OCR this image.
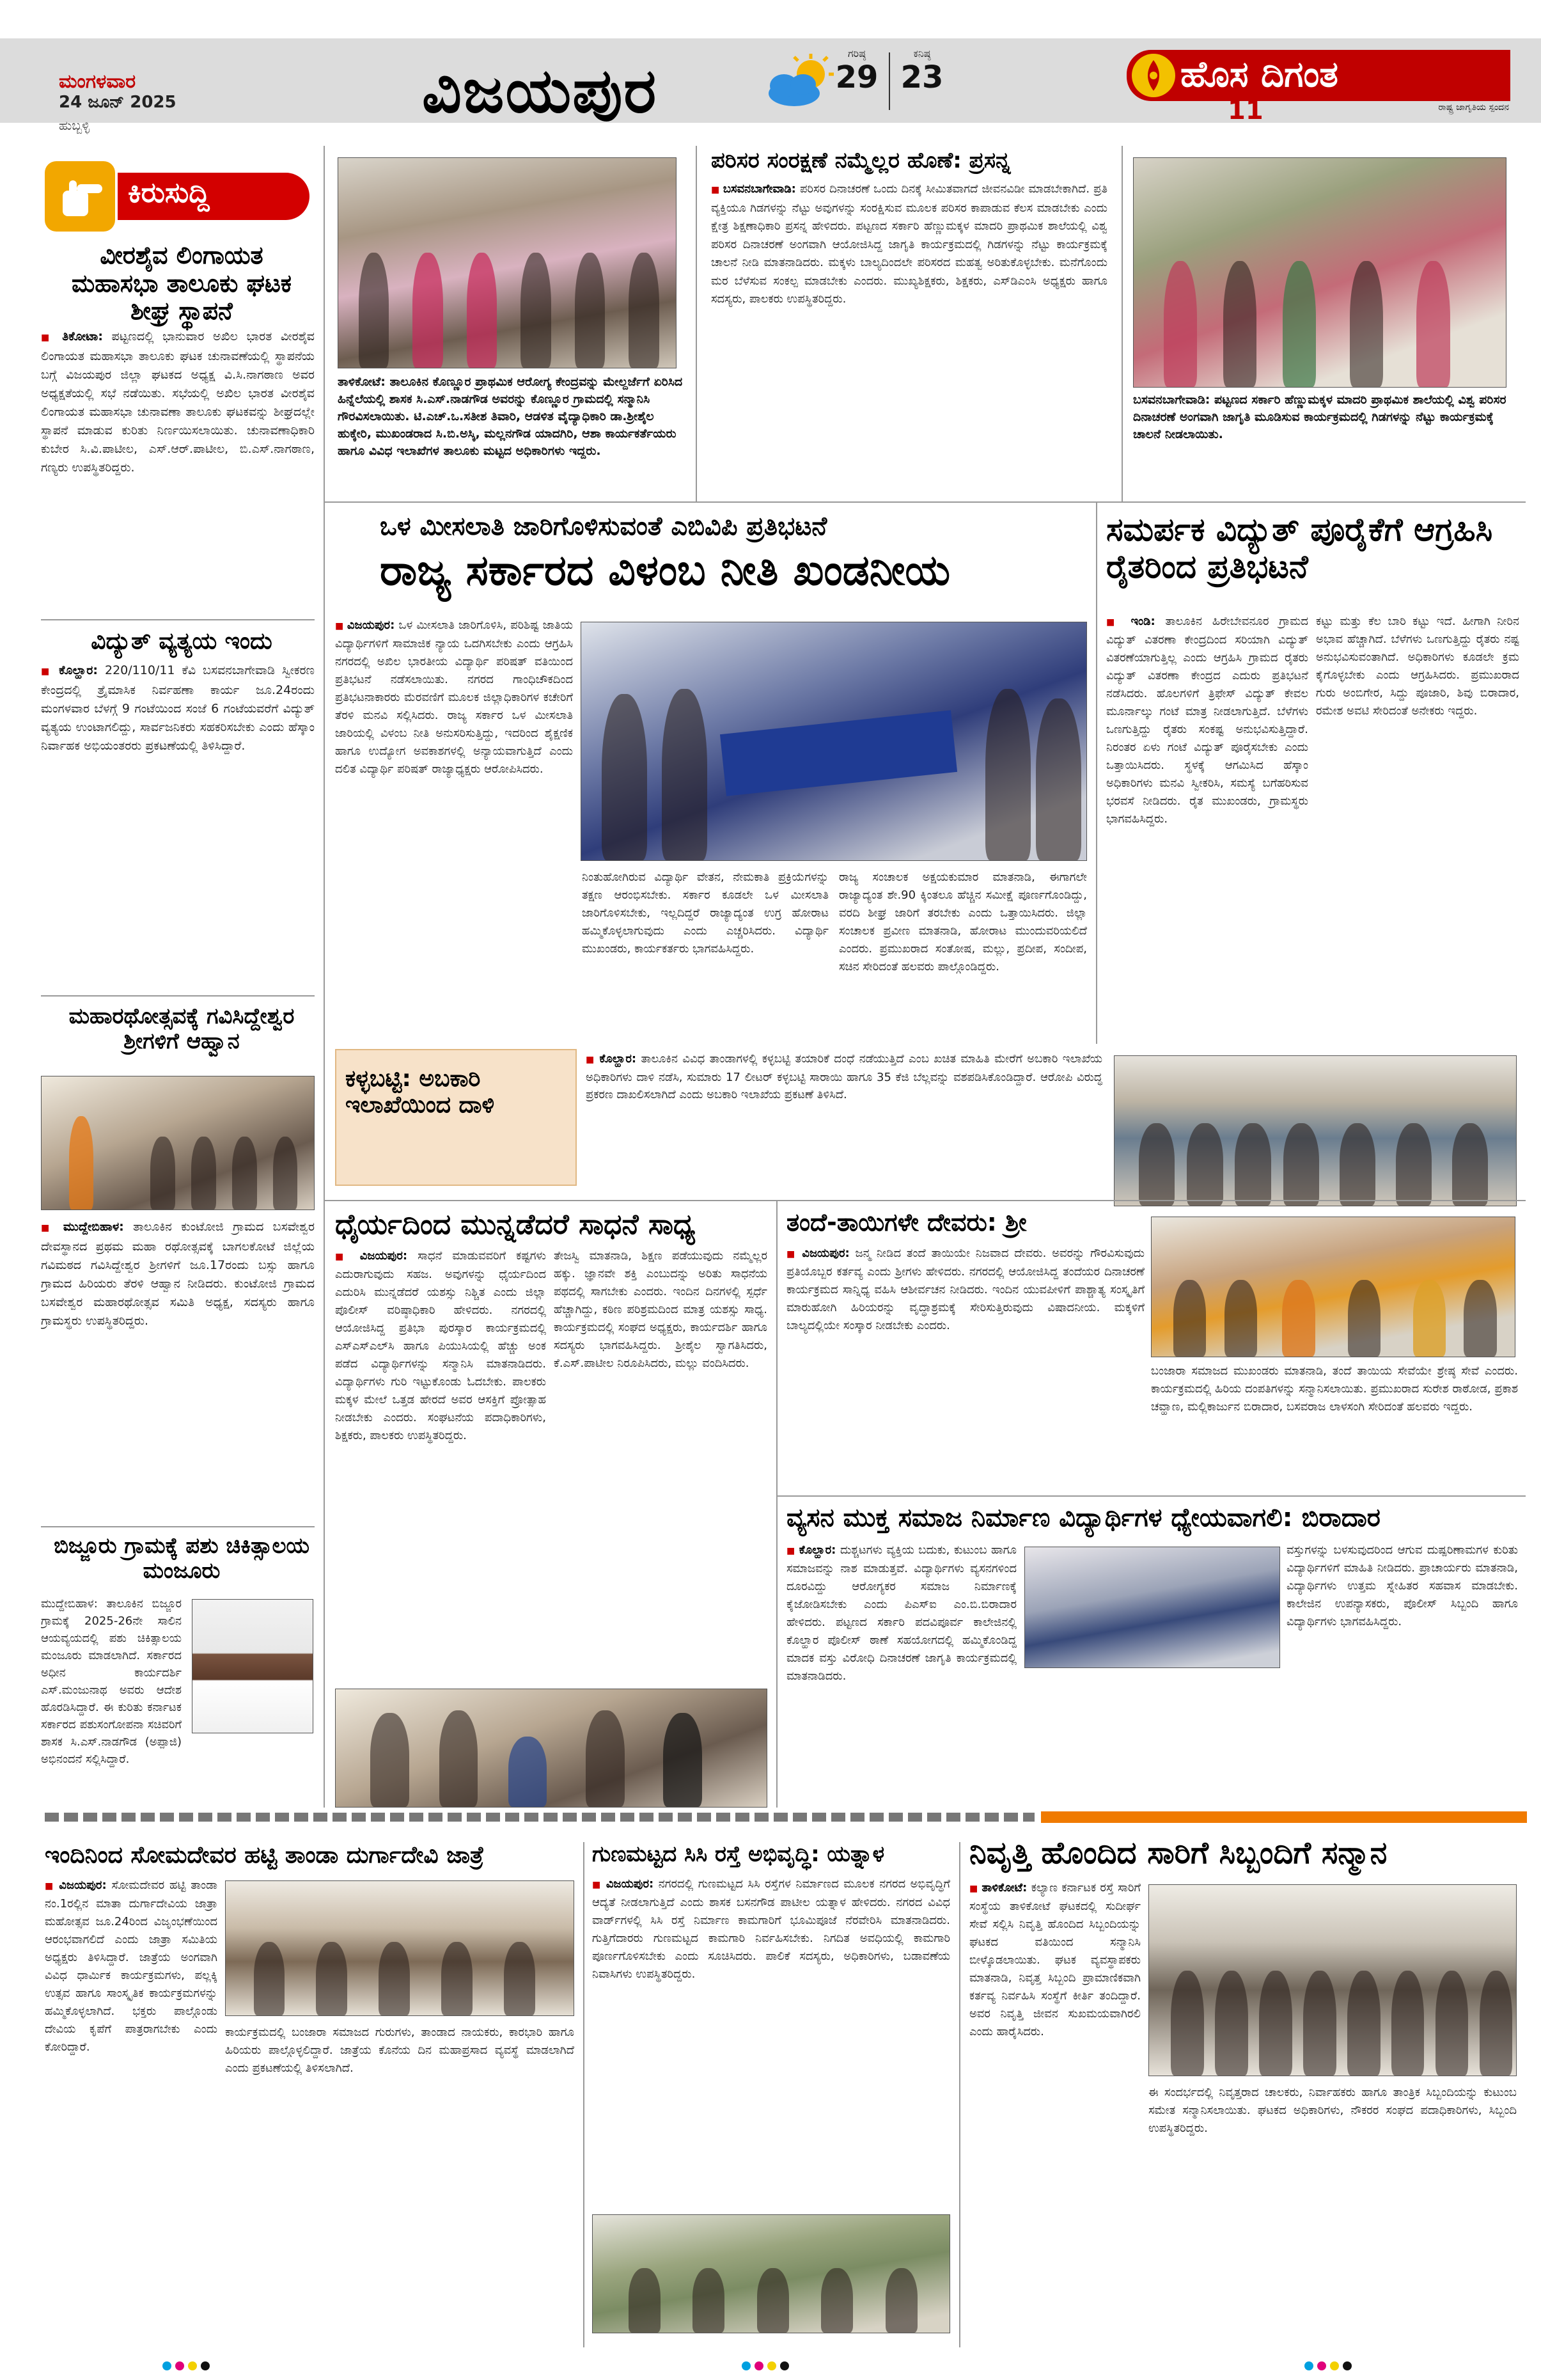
ಮಂಗಳವಾರ
24 ಜೂನ್ 2025
ಹುಬ್ಬಳ್ಳಿ	ವಿಜಯಪುರ
ಗರಿಷ್ಠ
29
ಕನಿಷ್ಠ
23	ಹೊಸ ದಿಗಂತ
ರಾಷ್ಟ್ರ ಜಾಗೃತಿಯ ಸ್ಪಂದನ
11
ಕಿರುಸುದ್ದಿ
ವೀರಶೈವ ಲಿಂಗಾಯತ ಮಹಾಸಭಾ ತಾಲೂಕು ಘಟಕ ಶೀಘ್ರ ಸ್ಥಾಪನೆ
■ ತಿಕೋಟಾ: ಪಟ್ಟಣದಲ್ಲಿ ಭಾನುವಾರ ಅಖಿಲ ಭಾರತ ವೀರಶೈವ ಲಿಂಗಾಯತ ಮಹಾಸಭಾ ತಾಲೂಕು ಘಟಕ ಚುನಾವಣೆಯಲ್ಲಿ ಸ್ಥಾಪನೆಯ ಬಗ್ಗೆ ವಿಜಯಪುರ ಜಿಲ್ಲಾ ಘಟಕದ ಅಧ್ಯಕ್ಷ ವಿ.ಸಿ.ನಾಗಠಾಣ ಅವರ ಅಧ್ಯಕ್ಷತೆಯಲ್ಲಿ ಸಭೆ ನಡೆಯಿತು. ಸಭೆಯಲ್ಲಿ ಅಖಿಲ ಭಾರತ ವೀರಶೈವ ಲಿಂಗಾಯತ ಮಹಾಸಭಾ ಚುನಾವಣಾ ತಾಲೂಕು ಘಟಕವನ್ನು ಶೀಘ್ರದಲ್ಲೇ ಸ್ಥಾಪನೆ ಮಾಡುವ ಕುರಿತು ನಿರ್ಣಯಿಸಲಾಯಿತು. ಚುನಾವಣಾಧಿಕಾರಿ ಕುಬೇರ ಸಿ.ವಿ.ಪಾಟೀಲ, ಎಸ್.ಆರ್.ಪಾಟೀಲ, ಬಿ.ಎಸ್.ನಾಗಠಾಣ, ಗಣ್ಯರು ಉಪಸ್ಥಿತರಿದ್ದರು.
ವಿದ್ಯುತ್ ವ್ಯತ್ಯಯ ಇಂದು
■ ಕೊಲ್ಹಾರ: 220/110/11 ಕೆವಿ ಬಸವನಬಾಗೇವಾಡಿ ಸ್ವೀಕರಣ ಕೇಂದ್ರದಲ್ಲಿ ತ್ರೈಮಾಸಿಕ ನಿರ್ವಹಣಾ ಕಾರ್ಯ ಜೂ.24ರಂದು ಮಂಗಳವಾರ ಬೆಳಗ್ಗೆ 9 ಗಂಟೆಯಿಂದ ಸಂಜೆ 6 ಗಂಟೆಯವರೆಗೆ ವಿದ್ಯುತ್ ವ್ಯತ್ಯಯ ಉಂಟಾಗಲಿದ್ದು, ಸಾರ್ವಜನಿಕರು ಸಹಕರಿಸಬೇಕು ಎಂದು ಹೆಸ್ಕಾಂ ನಿರ್ವಾಹಕ ಅಭಿಯಂತರರು ಪ್ರಕಟಣೆಯಲ್ಲಿ ತಿಳಿಸಿದ್ದಾರೆ.
ಮಹಾರಥೋತ್ಸವಕ್ಕೆ ಗವಿಸಿದ್ದೇಶ್ವರ ಶ್ರೀಗಳಿಗೆ ಆಹ್ವಾನ
■ ಮುದ್ದೇಬಿಹಾಳ: ತಾಲೂಕಿನ ಕುಂಟೋಜಿ ಗ್ರಾಮದ ಬಸವೇಶ್ವರ ದೇವಸ್ಥಾನದ ಪ್ರಥಮ ಮಹಾ ರಥೋತ್ಸವಕ್ಕೆ ಬಾಗಲಕೋಟೆ ಜಿಲ್ಲೆಯ ಗವಿಮಠದ ಗವಿಸಿದ್ದೇಶ್ವರ ಶ್ರೀಗಳಿಗೆ ಜೂ.17ರಂದು ಬಸ್ಸು ಹಾಗೂ ಗ್ರಾಮದ ಹಿರಿಯರು ತೆರಳಿ ಆಹ್ವಾನ ನೀಡಿದರು. ಕುಂಟೋಜಿ ಗ್ರಾಮದ ಬಸವೇಶ್ವರ ಮಹಾರಥೋತ್ಸವ ಸಮಿತಿ ಅಧ್ಯಕ್ಷ, ಸದಸ್ಯರು ಹಾಗೂ ಗ್ರಾಮಸ್ಥರು ಉಪಸ್ಥಿತರಿದ್ದರು.
ಬಿಜ್ಜೂರು ಗ್ರಾಮಕ್ಕೆ ಪಶು ಚಿಕಿತ್ಸಾಲಯ ಮಂಜೂರು
ಮುದ್ದೇಬಿಹಾಳ: ತಾಲೂಕಿನ ಬಿಜ್ಜೂರ ಗ್ರಾಮಕ್ಕೆ 2025-26ನೇ ಸಾಲಿನ ಆಯವ್ಯಯದಲ್ಲಿ ಪಶು ಚಿಕಿತ್ಸಾಲಯ ಮಂಜೂರು ಮಾಡಲಾಗಿದೆ. ಸರ್ಕಾರದ ಅಧೀನ ಕಾರ್ಯದರ್ಶಿ ಎಸ್.ಮಂಜುನಾಥ ಅವರು ಆದೇಶ ಹೊರಡಿಸಿದ್ದಾರೆ. ಈ ಕುರಿತು ಕರ್ನಾಟಕ ಸರ್ಕಾರದ ಪಶುಸಂಗೋಪನಾ ಸಚಿವರಿಗೆ ಶಾಸಕ ಸಿ.ಎಸ್.ನಾಡಗೌಡ (ಅಪ್ಪಾಜಿ) ಅಭಿನಂದನೆ ಸಲ್ಲಿಸಿದ್ದಾರೆ.
ತಾಳಿಕೋಟೆ: ತಾಲೂಕಿನ ಕೊಣ್ಣೂರ ಪ್ರಾಥಮಿಕ ಆರೋಗ್ಯ ಕೇಂದ್ರವನ್ನು ಮೇಲ್ದರ್ಜೆಗೆ ಏರಿಸಿದ ಹಿನ್ನೆಲೆಯಲ್ಲಿ ಶಾಸಕ ಸಿ.ಎಸ್.ನಾಡಗೌಡ ಅವರನ್ನು ಕೊಣ್ಣೂರ ಗ್ರಾಮದಲ್ಲಿ ಸನ್ಮಾನಿಸಿ ಗೌರವಿಸಲಾಯಿತು. ಟಿ.ಎಚ್.ಒ.ಸತೀಶ ತಿವಾರಿ, ಆಡಳಿತ ವೈದ್ಯಾಧಿಕಾರಿ ಡಾ.ಶ್ರೀಶೈಲ ಹುಕ್ಕೇರಿ, ಮುಖಂಡರಾದ ಸಿ.ಬಿ.ಅಸ್ಕಿ, ಮಲ್ಲನಗೌಡ ಯಾದಗಿರಿ, ಆಶಾ ಕಾರ್ಯಕರ್ತೆಯರು ಹಾಗೂ ವಿವಿಧ ಇಲಾಖೆಗಳ ತಾಲೂಕು ಮಟ್ಟದ ಅಧಿಕಾರಿಗಳು ಇದ್ದರು.
ಪರಿಸರ ಸಂರಕ್ಷಣೆ ನಮ್ಮೆಲ್ಲರ ಹೊಣೆ: ಪ್ರಸನ್ನ
■ ಬಸವನಬಾಗೇವಾಡಿ: ಪರಿಸರ ದಿನಾಚರಣೆ ಒಂದು ದಿನಕ್ಕೆ ಸೀಮಿತವಾಗದೆ ಜೀವನವಿಡೀ ಮಾಡಬೇಕಾಗಿದೆ. ಪ್ರತಿ ವ್ಯಕ್ತಿಯೂ ಗಿಡಗಳನ್ನು ನೆಟ್ಟು ಅವುಗಳನ್ನು ಸಂರಕ್ಷಿಸುವ ಮೂಲಕ ಪರಿಸರ ಕಾಪಾಡುವ ಕೆಲಸ ಮಾಡಬೇಕು ಎಂದು ಕ್ಷೇತ್ರ ಶಿಕ್ಷಣಾಧಿಕಾರಿ ಪ್ರಸನ್ನ ಹೇಳಿದರು. ಪಟ್ಟಣದ ಸರ್ಕಾರಿ ಹೆಣ್ಣುಮಕ್ಕಳ ಮಾದರಿ ಪ್ರಾಥಮಿಕ ಶಾಲೆಯಲ್ಲಿ ವಿಶ್ವ ಪರಿಸರ ದಿನಾಚರಣೆ ಅಂಗವಾಗಿ ಆಯೋಜಿಸಿದ್ದ ಜಾಗೃತಿ ಕಾರ್ಯಕ್ರಮದಲ್ಲಿ ಗಿಡಗಳನ್ನು ನೆಟ್ಟು ಕಾರ್ಯಕ್ರಮಕ್ಕೆ ಚಾಲನೆ ನೀಡಿ ಮಾತನಾಡಿದರು. ಮಕ್ಕಳು ಬಾಲ್ಯದಿಂದಲೇ ಪರಿಸರದ ಮಹತ್ವ ಅರಿತುಕೊಳ್ಳಬೇಕು. ಮನೆಗೊಂದು ಮರ ಬೆಳೆಸುವ ಸಂಕಲ್ಪ ಮಾಡಬೇಕು ಎಂದರು. ಮುಖ್ಯಶಿಕ್ಷಕರು, ಶಿಕ್ಷಕರು, ಎಸ್‌ಡಿಎಂಸಿ ಅಧ್ಯಕ್ಷರು ಹಾಗೂ ಸದಸ್ಯರು, ಪಾಲಕರು ಉಪಸ್ಥಿತರಿದ್ದರು.
ಬಸವನಬಾಗೇವಾಡಿ: ಪಟ್ಟಣದ ಸರ್ಕಾರಿ ಹೆಣ್ಣುಮಕ್ಕಳ ಮಾದರಿ ಪ್ರಾಥಮಿಕ ಶಾಲೆಯಲ್ಲಿ ವಿಶ್ವ ಪರಿಸರ ದಿನಾಚರಣೆ ಅಂಗವಾಗಿ ಜಾಗೃತಿ ಮೂಡಿಸುವ ಕಾರ್ಯಕ್ರಮದಲ್ಲಿ ಗಿಡಗಳನ್ನು ನೆಟ್ಟು ಕಾರ್ಯಕ್ರಮಕ್ಕೆ ಚಾಲನೆ ನೀಡಲಾಯಿತು.
ಒಳ ಮೀಸಲಾತಿ ಜಾರಿಗೊಳಿಸುವಂತೆ ಎಬಿವಿಪಿ ಪ್ರತಿಭಟನೆ
ರಾಜ್ಯ ಸರ್ಕಾರದ ವಿಳಂಬ ನೀತಿ ಖಂಡನೀಯ
■ ವಿಜಯಪುರ: ಒಳ ಮೀಸಲಾತಿ ಜಾರಿಗೊಳಿಸಿ, ಪರಿಶಿಷ್ಟ ಜಾತಿಯ ವಿದ್ಯಾರ್ಥಿಗಳಿಗೆ ಸಾಮಾಜಿಕ ನ್ಯಾಯ ಒದಗಿಸಬೇಕು ಎಂದು ಆಗ್ರಹಿಸಿ ನಗರದಲ್ಲಿ ಅಖಿಲ ಭಾರತೀಯ ವಿದ್ಯಾರ್ಥಿ ಪರಿಷತ್ ವತಿಯಿಂದ ಪ್ರತಿಭಟನೆ ನಡೆಸಲಾಯಿತು. ನಗರದ ಗಾಂಧಿಚೌಕದಿಂದ ಪ್ರತಿಭಟನಾಕಾರರು ಮೆರವಣಿಗೆ ಮೂಲಕ ಜಿಲ್ಲಾಧಿಕಾರಿಗಳ ಕಚೇರಿಗೆ ತೆರಳಿ ಮನವಿ ಸಲ್ಲಿಸಿದರು. ರಾಜ್ಯ ಸರ್ಕಾರ ಒಳ ಮೀಸಲಾತಿ ಜಾರಿಯಲ್ಲಿ ವಿಳಂಬ ನೀತಿ ಅನುಸರಿಸುತ್ತಿದ್ದು, ಇದರಿಂದ ಶೈಕ್ಷಣಿಕ ಹಾಗೂ ಉದ್ಯೋಗ ಅವಕಾಶಗಳಲ್ಲಿ ಅನ್ಯಾಯವಾಗುತ್ತಿದೆ ಎಂದು ದಲಿತ ವಿದ್ಯಾರ್ಥಿ ಪರಿಷತ್ ರಾಜ್ಯಾಧ್ಯಕ್ಷರು ಆರೋಪಿಸಿದರು.
ನಿಂತುಹೋಗಿರುವ ವಿದ್ಯಾರ್ಥಿ ವೇತನ, ನೇಮಕಾತಿ ಪ್ರಕ್ರಿಯೆಗಳನ್ನು ತಕ್ಷಣ ಆರಂಭಿಸಬೇಕು. ಸರ್ಕಾರ ಕೂಡಲೇ ಒಳ ಮೀಸಲಾತಿ ಜಾರಿಗೊಳಿಸಬೇಕು, ಇಲ್ಲದಿದ್ದರೆ ರಾಜ್ಯಾದ್ಯಂತ ಉಗ್ರ ಹೋರಾಟ ಹಮ್ಮಿಕೊಳ್ಳಲಾಗುವುದು ಎಂದು ಎಚ್ಚರಿಸಿದರು. ವಿದ್ಯಾರ್ಥಿ ಮುಖಂಡರು, ಕಾರ್ಯಕರ್ತರು ಭಾಗವಹಿಸಿದ್ದರು.
ರಾಜ್ಯ ಸಂಚಾಲಕ ಅಕ್ಷಯಕುಮಾರ ಮಾತನಾಡಿ, ಈಗಾಗಲೇ ರಾಜ್ಯಾದ್ಯಂತ ಶೇ.90 ಕ್ಕಿಂತಲೂ ಹೆಚ್ಚಿನ ಸಮೀಕ್ಷೆ ಪೂರ್ಣಗೊಂಡಿದ್ದು, ವರದಿ ಶೀಘ್ರ ಜಾರಿಗೆ ತರಬೇಕು ಎಂದು ಒತ್ತಾಯಿಸಿದರು. ಜಿಲ್ಲಾ ಸಂಚಾಲಕ ಪ್ರವೀಣ ಮಾತನಾಡಿ, ಹೋರಾಟ ಮುಂದುವರಿಯಲಿದೆ ಎಂದರು. ಪ್ರಮುಖರಾದ ಸಂತೋಷ, ಮಲ್ಲು, ಪ್ರದೀಪ, ಸಂದೀಪ, ಸಚಿನ ಸೇರಿದಂತೆ ಹಲವರು ಪಾಲ್ಗೊಂಡಿದ್ದರು.
ಸಮರ್ಪಕ ವಿದ್ಯುತ್ ಪೂರೈಕೆಗೆ ಆಗ್ರಹಿಸಿ ರೈತರಿಂದ ಪ್ರತಿಭಟನೆ
■ ಇಂಡಿ: ತಾಲೂಕಿನ ಹಿರೇಬೇವನೂರ ಗ್ರಾಮದ ವಿದ್ಯುತ್ ವಿತರಣಾ ಕೇಂದ್ರದಿಂದ ಸರಿಯಾಗಿ ವಿದ್ಯುತ್ ವಿತರಣೆಯಾಗುತ್ತಿಲ್ಲ ಎಂದು ಆಗ್ರಹಿಸಿ ಗ್ರಾಮದ ರೈತರು ವಿದ್ಯುತ್ ವಿತರಣಾ ಕೇಂದ್ರದ ಎದುರು ಪ್ರತಿಭಟನೆ ನಡೆಸಿದರು. ಹೊಲಗಳಿಗೆ ತ್ರಿಫೇಸ್ ವಿದ್ಯುತ್ ಕೇವಲ ಮೂರ್ನಾಲ್ಕು ಗಂಟೆ ಮಾತ್ರ ನೀಡಲಾಗುತ್ತಿದೆ. ಬೆಳೆಗಳು ಒಣಗುತ್ತಿದ್ದು ರೈತರು ಸಂಕಷ್ಟ ಅನುಭವಿಸುತ್ತಿದ್ದಾರೆ. ನಿರಂತರ ಏಳು ಗಂಟೆ ವಿದ್ಯುತ್ ಪೂರೈಸಬೇಕು ಎಂದು ಒತ್ತಾಯಿಸಿದರು. ಸ್ಥಳಕ್ಕೆ ಆಗಮಿಸಿದ ಹೆಸ್ಕಾಂ ಅಧಿಕಾರಿಗಳು ಮನವಿ ಸ್ವೀಕರಿಸಿ, ಸಮಸ್ಯೆ ಬಗೆಹರಿಸುವ ಭರವಸೆ ನೀಡಿದರು. ರೈತ ಮುಖಂಡರು, ಗ್ರಾಮಸ್ಥರು ಭಾಗವಹಿಸಿದ್ದರು.
ಕಟ್ಟು ಮತ್ತು ಕೆಲ ಬಾರಿ ಕಟ್ಟು ಇದೆ. ಹೀಗಾಗಿ ನೀರಿನ ಅಭಾವ ಹೆಚ್ಚಾಗಿದೆ. ಬೆಳೆಗಳು ಒಣಗುತ್ತಿದ್ದು ರೈತರು ನಷ್ಟ ಅನುಭವಿಸುವಂತಾಗಿದೆ. ಅಧಿಕಾರಿಗಳು ಕೂಡಲೇ ಕ್ರಮ ಕೈಗೊಳ್ಳಬೇಕು ಎಂದು ಆಗ್ರಹಿಸಿದರು. ಪ್ರಮುಖರಾದ ಗುರು ಅಂಬಿಗೇರ, ಸಿದ್ದು ಪೂಜಾರಿ, ಶಿವು ಬಿರಾದಾರ, ರಮೇಶ ಅವಟಿ ಸೇರಿದಂತೆ ಅನೇಕರು ಇದ್ದರು.
ಕಳ್ಳಬಟ್ಟಿ: ಅಬಕಾರಿ ಇಲಾಖೆಯಿಂದ ದಾಳಿ
■ ಕೊಲ್ಹಾರ: ತಾಲೂಕಿನ ವಿವಿಧ ತಾಂಡಾಗಳಲ್ಲಿ ಕಳ್ಳಬಟ್ಟಿ ತಯಾರಿಕೆ ದಂಧೆ ನಡೆಯುತ್ತಿದೆ ಎಂಬ ಖಚಿತ ಮಾಹಿತಿ ಮೇರೆಗೆ ಅಬಕಾರಿ ಇಲಾಖೆಯ ಅಧಿಕಾರಿಗಳು ದಾಳಿ ನಡೆಸಿ, ಸುಮಾರು 17 ಲೀಟರ್ ಕಳ್ಳಬಟ್ಟಿ ಸಾರಾಯಿ ಹಾಗೂ 35 ಕೆಜಿ ಬೆಲ್ಲವನ್ನು ವಶಪಡಿಸಿಕೊಂಡಿದ್ದಾರೆ. ಆರೋಪಿ ವಿರುದ್ಧ ಪ್ರಕರಣ ದಾಖಲಿಸಲಾಗಿದೆ ಎಂದು ಅಬಕಾರಿ ಇಲಾಖೆಯ ಪ್ರಕಟಣೆ ತಿಳಿಸಿದೆ.
ಧೈರ್ಯದಿಂದ ಮುನ್ನಡೆದರೆ ಸಾಧನೆ ಸಾಧ್ಯ
■ ವಿಜಯಪುರ: ಸಾಧನೆ ಮಾಡುವವರಿಗೆ ಕಷ್ಟಗಳು ಎದುರಾಗುವುದು ಸಹಜ. ಅವುಗಳನ್ನು ಧೈರ್ಯದಿಂದ ಎದುರಿಸಿ ಮುನ್ನಡೆದರೆ ಯಶಸ್ಸು ನಿಶ್ಚಿತ ಎಂದು ಜಿಲ್ಲಾ ಪೊಲೀಸ್ ವರಿಷ್ಠಾಧಿಕಾರಿ ಹೇಳಿದರು. ನಗರದಲ್ಲಿ ಆಯೋಜಿಸಿದ್ದ ಪ್ರತಿಭಾ ಪುರಸ್ಕಾರ ಕಾರ್ಯಕ್ರಮದಲ್ಲಿ ಎಸ್‌ಎಸ್‌ಎಲ್‌ಸಿ ಹಾಗೂ ಪಿಯುಸಿಯಲ್ಲಿ ಹೆಚ್ಚು ಅಂಕ ಪಡೆದ ವಿದ್ಯಾರ್ಥಿಗಳನ್ನು ಸನ್ಮಾನಿಸಿ ಮಾತನಾಡಿದರು. ವಿದ್ಯಾರ್ಥಿಗಳು ಗುರಿ ಇಟ್ಟುಕೊಂಡು ಓದಬೇಕು. ಪಾಲಕರು ಮಕ್ಕಳ ಮೇಲೆ ಒತ್ತಡ ಹೇರದೆ ಅವರ ಆಸಕ್ತಿಗೆ ಪ್ರೋತ್ಸಾಹ ನೀಡಬೇಕು ಎಂದರು. ಸಂಘಟನೆಯ ಪದಾಧಿಕಾರಿಗಳು, ಶಿಕ್ಷಕರು, ಪಾಲಕರು ಉಪಸ್ಥಿತರಿದ್ದರು.
ತೇಜಸ್ವಿ ಮಾತನಾಡಿ, ಶಿಕ್ಷಣ ಪಡೆಯುವುದು ನಮ್ಮೆಲ್ಲರ ಹಕ್ಕು. ಜ್ಞಾನವೇ ಶಕ್ತಿ ಎಂಬುದನ್ನು ಅರಿತು ಸಾಧನೆಯ ಪಥದಲ್ಲಿ ಸಾಗಬೇಕು ಎಂದರು. ಇಂದಿನ ದಿನಗಳಲ್ಲಿ ಸ್ಪರ್ಧೆ ಹೆಚ್ಚಾಗಿದ್ದು, ಕಠಿಣ ಪರಿಶ್ರಮದಿಂದ ಮಾತ್ರ ಯಶಸ್ಸು ಸಾಧ್ಯ. ಕಾರ್ಯಕ್ರಮದಲ್ಲಿ ಸಂಘದ ಅಧ್ಯಕ್ಷರು, ಕಾರ್ಯದರ್ಶಿ ಹಾಗೂ ಸದಸ್ಯರು ಭಾಗವಹಿಸಿದ್ದರು. ಶ್ರೀಶೈಲ ಸ್ವಾಗತಿಸಿದರು, ಕೆ.ಎಸ್.ಪಾಟೀಲ ನಿರೂಪಿಸಿದರು, ಮಲ್ಲು ವಂದಿಸಿದರು.
ತಂದೆ-ತಾಯಿಗಳೇ ದೇವರು: ಶ್ರೀ
■ ವಿಜಯಪುರ: ಜನ್ಮ ನೀಡಿದ ತಂದೆ ತಾಯಿಯೇ ನಿಜವಾದ ದೇವರು. ಅವರನ್ನು ಗೌರವಿಸುವುದು ಪ್ರತಿಯೊಬ್ಬರ ಕರ್ತವ್ಯ ಎಂದು ಶ್ರೀಗಳು ಹೇಳಿದರು. ನಗರದಲ್ಲಿ ಆಯೋಜಿಸಿದ್ದ ತಂದೆಯರ ದಿನಾಚರಣೆ ಕಾರ್ಯಕ್ರಮದ ಸಾನ್ನಿಧ್ಯ ವಹಿಸಿ ಆಶೀರ್ವಚನ ನೀಡಿದರು. ಇಂದಿನ ಯುವಪೀಳಿಗೆ ಪಾಶ್ಚಾತ್ಯ ಸಂಸ್ಕೃತಿಗೆ ಮಾರುಹೋಗಿ ಹಿರಿಯರನ್ನು ವೃದ್ಧಾಶ್ರಮಕ್ಕೆ ಸೇರಿಸುತ್ತಿರುವುದು ವಿಷಾದನೀಯ. ಮಕ್ಕಳಿಗೆ ಬಾಲ್ಯದಲ್ಲಿಯೇ ಸಂಸ್ಕಾರ ನೀಡಬೇಕು ಎಂದರು.
ಬಂಜಾರಾ ಸಮಾಜದ ಮುಖಂಡರು ಮಾತನಾಡಿ, ತಂದೆ ತಾಯಿಯ ಸೇವೆಯೇ ಶ್ರೇಷ್ಠ ಸೇವೆ ಎಂದರು. ಕಾರ್ಯಕ್ರಮದಲ್ಲಿ ಹಿರಿಯ ದಂಪತಿಗಳನ್ನು ಸನ್ಮಾನಿಸಲಾಯಿತು. ಪ್ರಮುಖರಾದ ಸುರೇಶ ರಾಠೋಡ, ಪ್ರಕಾಶ ಚವ್ಹಾಣ, ಮಲ್ಲಿಕಾರ್ಜುನ ಬಿರಾದಾರ, ಬಸವರಾಜ ಲಾಳಸಂಗಿ ಸೇರಿದಂತೆ ಹಲವರು ಇದ್ದರು.
ವ್ಯಸನ ಮುಕ್ತ ಸಮಾಜ ನಿರ್ಮಾಣ ವಿದ್ಯಾರ್ಥಿಗಳ ಧ್ಯೇಯವಾಗಲಿ: ಬಿರಾದಾರ
■ ಕೊಲ್ಹಾರ: ದುಶ್ಚಟಗಳು ವ್ಯಕ್ತಿಯ ಬದುಕು, ಕುಟುಂಬ ಹಾಗೂ ಸಮಾಜವನ್ನು ನಾಶ ಮಾಡುತ್ತವೆ. ವಿದ್ಯಾರ್ಥಿಗಳು ವ್ಯಸನಗಳಿಂದ ದೂರವಿದ್ದು ಆರೋಗ್ಯಕರ ಸಮಾಜ ನಿರ್ಮಾಣಕ್ಕೆ ಕೈಜೋಡಿಸಬೇಕು ಎಂದು ಪಿಎಸ್ಐ ಎಂ.ಬಿ.ಬಿರಾದಾರ ಹೇಳಿದರು. ಪಟ್ಟಣದ ಸರ್ಕಾರಿ ಪದವಿಪೂರ್ವ ಕಾಲೇಜಿನಲ್ಲಿ ಕೊಲ್ಹಾರ ಪೊಲೀಸ್ ಠಾಣೆ ಸಹಯೋಗದಲ್ಲಿ ಹಮ್ಮಿಕೊಂಡಿದ್ದ ಮಾದಕ ವಸ್ತು ವಿರೋಧಿ ದಿನಾಚರಣೆ ಜಾಗೃತಿ ಕಾರ್ಯಕ್ರಮದಲ್ಲಿ ಮಾತನಾಡಿದರು.
ವಸ್ತುಗಳನ್ನು ಬಳಸುವುದರಿಂದ ಆಗುವ ದುಷ್ಪರಿಣಾಮಗಳ ಕುರಿತು ವಿದ್ಯಾರ್ಥಿಗಳಿಗೆ ಮಾಹಿತಿ ನೀಡಿದರು. ಪ್ರಾಚಾರ್ಯರು ಮಾತನಾಡಿ, ವಿದ್ಯಾರ್ಥಿಗಳು ಉತ್ತಮ ಸ್ನೇಹಿತರ ಸಹವಾಸ ಮಾಡಬೇಕು. ಕಾಲೇಜಿನ ಉಪನ್ಯಾಸಕರು, ಪೊಲೀಸ್ ಸಿಬ್ಬಂದಿ ಹಾಗೂ ವಿದ್ಯಾರ್ಥಿಗಳು ಭಾಗವಹಿಸಿದ್ದರು.
ಇಂದಿನಿಂದ ಸೋಮದೇವರ ಹಟ್ಟಿ ತಾಂಡಾ ದುರ್ಗಾದೇವಿ ಜಾತ್ರೆ
■ ವಿಜಯಪುರ: ಸೋಮದೇವರ ಹಟ್ಟಿ ತಾಂಡಾ ನಂ.1ರಲ್ಲಿನ ಮಾತಾ ದುರ್ಗಾದೇವಿಯ ಜಾತ್ರಾ ಮಹೋತ್ಸವ ಜೂ.24ರಿಂದ ವಿಜೃಂಭಣೆಯಿಂದ ಆರಂಭವಾಗಲಿದೆ ಎಂದು ಜಾತ್ರಾ ಸಮಿತಿಯ ಅಧ್ಯಕ್ಷರು ತಿಳಿಸಿದ್ದಾರೆ. ಜಾತ್ರೆಯ ಅಂಗವಾಗಿ ವಿವಿಧ ಧಾರ್ಮಿಕ ಕಾರ್ಯಕ್ರಮಗಳು, ಪಲ್ಲಕ್ಕಿ ಉತ್ಸವ ಹಾಗೂ ಸಾಂಸ್ಕೃತಿಕ ಕಾರ್ಯಕ್ರಮಗಳನ್ನು ಹಮ್ಮಿಕೊಳ್ಳಲಾಗಿದೆ. ಭಕ್ತರು ಪಾಲ್ಗೊಂಡು ದೇವಿಯ ಕೃಪೆಗೆ ಪಾತ್ರರಾಗಬೇಕು ಎಂದು ಕೋರಿದ್ದಾರೆ.
ಕಾರ್ಯಕ್ರಮದಲ್ಲಿ ಬಂಜಾರಾ ಸಮಾಜದ ಗುರುಗಳು, ತಾಂಡಾದ ನಾಯಕರು, ಕಾರಭಾರಿ ಹಾಗೂ ಹಿರಿಯರು ಪಾಲ್ಗೊಳ್ಳಲಿದ್ದಾರೆ. ಜಾತ್ರೆಯ ಕೊನೆಯ ದಿನ ಮಹಾಪ್ರಸಾದ ವ್ಯವಸ್ಥೆ ಮಾಡಲಾಗಿದೆ ಎಂದು ಪ್ರಕಟಣೆಯಲ್ಲಿ ತಿಳಿಸಲಾಗಿದೆ.
ಗುಣಮಟ್ಟದ ಸಿಸಿ ರಸ್ತೆ ಅಭಿವೃದ್ಧಿ: ಯತ್ನಾಳ
■ ವಿಜಯಪುರ: ನಗರದಲ್ಲಿ ಗುಣಮಟ್ಟದ ಸಿಸಿ ರಸ್ತೆಗಳ ನಿರ್ಮಾಣದ ಮೂಲಕ ನಗರದ ಅಭಿವೃದ್ಧಿಗೆ ಆದ್ಯತೆ ನೀಡಲಾಗುತ್ತಿದೆ ಎಂದು ಶಾಸಕ ಬಸನಗೌಡ ಪಾಟೀಲ ಯತ್ನಾಳ ಹೇಳಿದರು. ನಗರದ ವಿವಿಧ ವಾರ್ಡ್‌ಗಳಲ್ಲಿ ಸಿಸಿ ರಸ್ತೆ ನಿರ್ಮಾಣ ಕಾಮಗಾರಿಗೆ ಭೂಮಿಪೂಜೆ ನೆರವೇರಿಸಿ ಮಾತನಾಡಿದರು. ಗುತ್ತಿಗೆದಾರರು ಗುಣಮಟ್ಟದ ಕಾಮಗಾರಿ ನಿರ್ವಹಿಸಬೇಕು. ನಿಗದಿತ ಅವಧಿಯಲ್ಲಿ ಕಾಮಗಾರಿ ಪೂರ್ಣಗೊಳಿಸಬೇಕು ಎಂದು ಸೂಚಿಸಿದರು. ಪಾಲಿಕೆ ಸದಸ್ಯರು, ಅಧಿಕಾರಿಗಳು, ಬಡಾವಣೆಯ ನಿವಾಸಿಗಳು ಉಪಸ್ಥಿತರಿದ್ದರು.
ನಿವೃತ್ತಿ ಹೊಂದಿದ ಸಾರಿಗೆ ಸಿಬ್ಬಂದಿಗೆ ಸನ್ಮಾನ
■ ತಾಳಿಕೋಟೆ: ಕಲ್ಯಾಣ ಕರ್ನಾಟಕ ರಸ್ತೆ ಸಾರಿಗೆ ಸಂಸ್ಥೆಯ ತಾಳಿಕೋಟೆ ಘಟಕದಲ್ಲಿ ಸುದೀರ್ಘ ಸೇವೆ ಸಲ್ಲಿಸಿ ನಿವೃತ್ತಿ ಹೊಂದಿದ ಸಿಬ್ಬಂದಿಯನ್ನು ಘಟಕದ ವತಿಯಿಂದ ಸನ್ಮಾನಿಸಿ ಬೀಳ್ಕೊಡಲಾಯಿತು. ಘಟಕ ವ್ಯವಸ್ಥಾಪಕರು ಮಾತನಾಡಿ, ನಿವೃತ್ತ ಸಿಬ್ಬಂದಿ ಪ್ರಾಮಾಣಿಕವಾಗಿ ಕರ್ತವ್ಯ ನಿರ್ವಹಿಸಿ ಸಂಸ್ಥೆಗೆ ಕೀರ್ತಿ ತಂದಿದ್ದಾರೆ. ಅವರ ನಿವೃತ್ತಿ ಜೀವನ ಸುಖಮಯವಾಗಿರಲಿ ಎಂದು ಹಾರೈಸಿದರು.
ಈ ಸಂದರ್ಭದಲ್ಲಿ ನಿವೃತ್ತರಾದ ಚಾಲಕರು, ನಿರ್ವಾಹಕರು ಹಾಗೂ ತಾಂತ್ರಿಕ ಸಿಬ್ಬಂದಿಯನ್ನು ಕುಟುಂಬ ಸಮೇತ ಸನ್ಮಾನಿಸಲಾಯಿತು. ಘಟಕದ ಅಧಿಕಾರಿಗಳು, ನೌಕರರ ಸಂಘದ ಪದಾಧಿಕಾರಿಗಳು, ಸಿಬ್ಬಂದಿ ಉಪಸ್ಥಿತರಿದ್ದರು.
